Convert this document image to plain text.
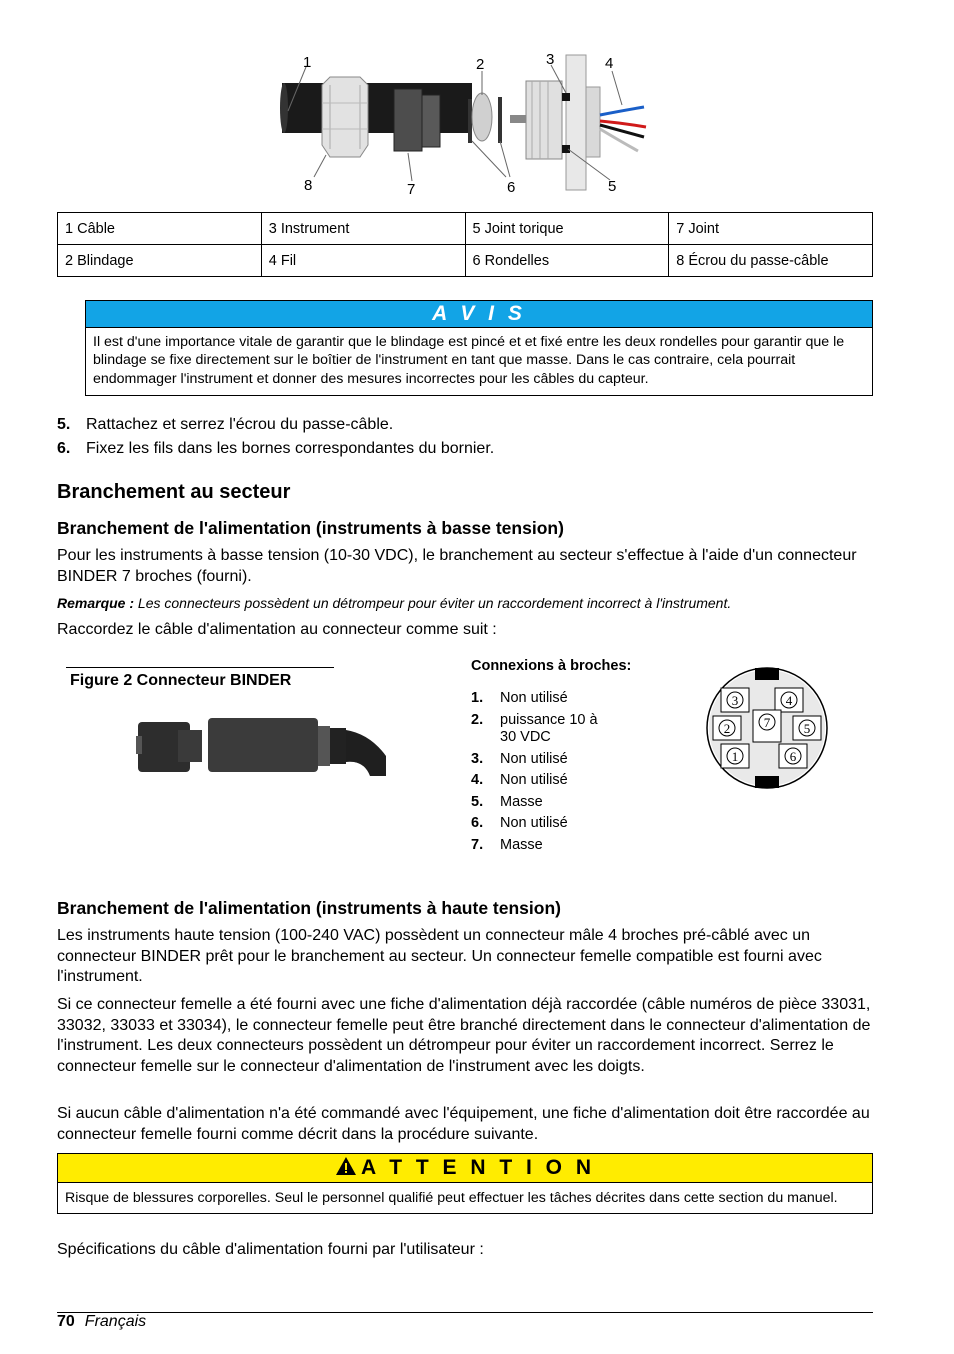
1	2	3	4
5
6
7
8
1 Câble	3 Instrument	5 Joint torique	7 Joint
2 Blindage	4 Fil	6 Rondelles	8 Écrou du passe-câble
A V I S
Il est d'une importance vitale de garantir que le blindage est pincé et et fixé entre les deux rondelles pour garantir que le blindage se fixe directement sur le boîtier de l'instrument en tant que masse. Dans le cas contraire, cela pourrait endommager l'instrument et donner des mesures incorrectes pour les câbles du capteur.
5. Rattachez et serrez l'écrou du passe-câble.
6. Fixez les fils dans les bornes correspondantes du bornier.
Branchement au secteur
Branchement de l'alimentation (instruments à basse tension)

Pour les instruments à basse tension (10-30 VDC), le branchement au secteur s'effectue à l'aide d'un connecteur BINDER 7 broches (fourni).

Remarque : Les connecteurs possèdent un détrompeur pour éviter un raccordement incorrect à l'instrument.

Raccordez le câble d'alimentation au connecteur comme suit :

Figure 2 Connecteur BINDER
Connexions à broches:
1.	Non utilisé
2.	puissance 10 à 30 VDC
3.	Non utilisé
4.	Non utilisé
5.	Masse
6.	Non utilisé
7.	Masse
3	4
2	7	5
1	6
Branchement de l'alimentation (instruments à haute tension)

Les instruments haute tension (100-240 VAC) possèdent un connecteur mâle 4 broches pré-câblé avec un connecteur BINDER prêt pour le branchement au secteur. Un connecteur femelle compatible est fourni avec l'instrument.

Si ce connecteur femelle a été fourni avec une fiche d'alimentation déjà raccordée (câble numéros de pièce 33031, 33032, 33033 et 33034), le connecteur femelle peut être branché directement dans le connecteur d'alimentation de l'instrument. Les deux connecteurs possèdent un détrompeur pour éviter un raccordement incorrect. Serrez le connecteur femelle sur le connecteur d'alimentation de l'instrument avec les doigts.

Si aucun câble d'alimentation n'a été commandé avec l'équipement, une fiche d'alimentation doit être raccordée au connecteur femelle fourni comme décrit dans la procédure suivante.

A T T E N T I O N
Risque de blessures corporelles. Seul le personnel qualifié peut effectuer les tâches décrites dans cette section du manuel.

Spécifications du câble d'alimentation fourni par l'utilisateur :

70 Français
